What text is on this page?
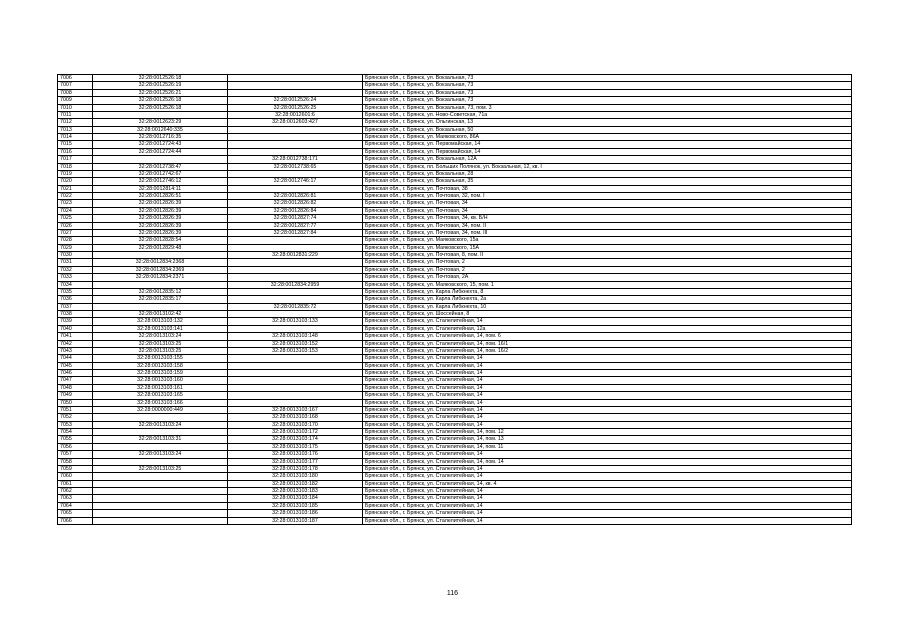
7006	32:28:0012526:18		Брянская обл., г. Брянск, ул. Вокзальная, 73
7007	32:28:0012526:19		Брянская обл., г. Брянск, ул. Вокзальная, 73
7008	32:28:0012526:21		Брянская обл., г. Брянск, ул. Вокзальная, 73
7009	32:28:0012526:18	32:28:0012526:24	Брянская обл., г. Брянск, ул. Вокзальная, 73
7010	32:28:0012526:18	32:28:0012526:25	Брянская обл., г. Брянск, ул. Вокзальная, 73, пом. 3
7011		32:28:0012601:6	Брянская обл., г. Брянск, ул. Ново-Советская, 71а
7012	32:28:0012623:29	32:28:0012603:427	Брянская обл., г. Брянск, ул. Ольгинская, 13
7013	32:28:0012640:335		Брянская обл., г. Брянск, ул. Вокзальная, 50
7014	32:28:0012716:35		Брянская обл., г. Брянск, ул. Маяковского, 86А
7015	32:28:0012724:43		Брянская обл., г. Брянск, ул. Первомайская, 14
7016	32:28:0012724:44		Брянская обл., г. Брянск, ул. Первомайская, 14
7017		32:28:0012738:171	Брянская обл., г. Брянск, ул. Вокзальная, 12А
7018	32:28:0012738:47	32:28:0012738:65	Брянская обл., г. Брянск, пл. Больших Полянок, ул. Вокзальная, 12, кв. I
7019	32:28:0012742:67		Брянская обл., г. Брянск, ул. Вокзальная, 28
7020	32:28:0012746:12	32:28:0012746:17	Брянская обл., г. Брянск, ул. Вокзальная, 35
7021	32:28:0012814:11		Брянская обл., г. Брянск, ул. Почтовая, 38
7022	32:28:0012826:51	32:28:0012826:81	Брянская обл., г. Брянск, ул. Почтовая, 32, пом. I
7023	32:28:0012826:39	32:28:0012826:82	Брянская обл., г. Брянск, ул. Почтовая, 34
7024	32:28:0012826:39	32:28:0012826:84	Брянская обл., г. Брянск, ул. Почтовая, 34
7025	32:28:0012826:39	32:28:0012827:74	Брянская обл., г. Брянск, ул. Почтовая, 34, кв. Б/Н
7026	32:28:0012826:39	32:28:0012827:77	Брянская обл., г. Брянск, ул. Почтовая, 34, пом. II
7027	32:28:0012826:39	32:28:0012827:84	Брянская обл., г. Брянск, ул. Почтовая, 34, пом. III
7028	32:28:0012828:54		Брянская обл., г. Брянск, ул. Маяковского, 15а
7029	32:28:0012829:48		Брянская обл., г. Брянск, ул. Маяковского, 15А
7030		32:28:0012831:229	Брянская обл., г. Брянск, ул. Почтовая, 8, пом. II
7031	32:28:0012834:2368		Брянская обл., г. Брянск, ул. Почтовая, 2
7032	32:28:0012834:2369		Брянская обл., г. Брянск, ул. Почтовая, 2
7033	32:28:0012834:2371		Брянская обл., г. Брянск, ул. Почтовая, 2А
7034		32:28:0012834:2959	Брянская обл., г. Брянск, ул. Маяковского, 15, пом. 1
7035	32:28:0012835:12		Брянская обл., г. Брянск, ул. Карла Либкнехта, 8
7036	32:28:0012835:17		Брянская обл., г. Брянск, ул. Карла Либкнехта, 2а
7037		32:28:0012835:72	Брянская обл., г. Брянск, ул. Карла Либкнехта, 10
7038	32:28:0013102:42		Брянская обл., г. Брянск, ул. Шоссейная, 8
7039	32:28:0013103:132	32:28:0013103:133	Брянская обл., г. Брянск, ул. Сталелитейная, 14
7040	32:28:0013103:141		Брянская обл., г. Брянск, ул. Сталелитейная, 12а
7041	32:28:0013103:24	32:28:0013103:148	Брянская обл., г. Брянск, ул. Сталелитейная, 14, пом. 6
7042	32:28:0013103:25	32:28:0013103:152	Брянская обл., г. Брянск, ул. Сталелитейная, 14, пом. 16/1
7043	32:28:0013103:25	32:28:0013103:153	Брянская обл., г. Брянск, ул. Сталелитейная, 14, пом. 16/2
7044	32:28:0013103:155		Брянская обл., г. Брянск, ул. Сталелитейная, 14
7045	32:28:0013103:158		Брянская обл., г. Брянск, ул. Сталелитейная, 14
7046	32:28:0013103:159		Брянская обл., г. Брянск, ул. Сталелитейная, 14
7047	32:28:0013103:160		Брянская обл., г. Брянск, ул. Сталелитейная, 14
7048	32:28:0013103:161		Брянская обл., г. Брянск, ул. Сталелитейная, 14
7049	32:28:0013103:165		Брянская обл., г. Брянск, ул. Сталелитейная, 14
7050	32:28:0013103:166		Брянская обл., г. Брянск, ул. Сталелитейная, 14
7051	32:28:0000000:449	32:28:0013103:167	Брянская обл., г. Брянск, ул. Сталелитейная, 14
7052		32:28:0013103:168	Брянская обл., г. Брянск, ул. Сталелитейная, 14
7053	32:28:0013103:24	32:28:0013103:170	Брянская обл., г. Брянск, ул. Сталелитейная, 14
7054		32:28:0013103:172	Брянская обл., г. Брянск, ул. Сталелитейная, 14, пом. 12
7055	32:28:0013103:31	32:28:0013103:174	Брянская обл., г. Брянск, ул. Сталелитейная, 14, пом. 13
7056		32:28:0013103:175	Брянская обл., г. Брянск, ул. Сталелитейная, 14, пом. 11
7057	32:28:0013103:24	32:28:0013103:176	Брянская обл., г. Брянск, ул. Сталелитейная, 14
7058		32:28:0013103:177	Брянская обл., г. Брянск, ул. Сталелитейная, 14, пом. 14
7059	32:28:0013103:25	32:28:0013103:178	Брянская обл., г. Брянск, ул. Сталелитейная, 14
7060		32:28:0013103:180	Брянская обл., г. Брянск, ул. Сталелитейная, 14
7061		32:28:0013103:182	Брянская обл., г. Брянск, ул. Сталелитейная, 14, кв. 4
7062		32:28:0013103:183	Брянская обл., г. Брянск, ул. Сталелитейная, 14
7063		32:28:0013103:184	Брянская обл., г. Брянск, ул. Сталелитейная, 14
7064		32:28:0013103:185	Брянская обл., г. Брянск, ул. Сталелитейная, 14
7065		32:28:0013103:186	Брянская обл., г. Брянск, ул. Сталелитейная, 14
7066		32:28:0013103:187	Брянская обл., г. Брянск, ул. Сталелитейная, 14
116
